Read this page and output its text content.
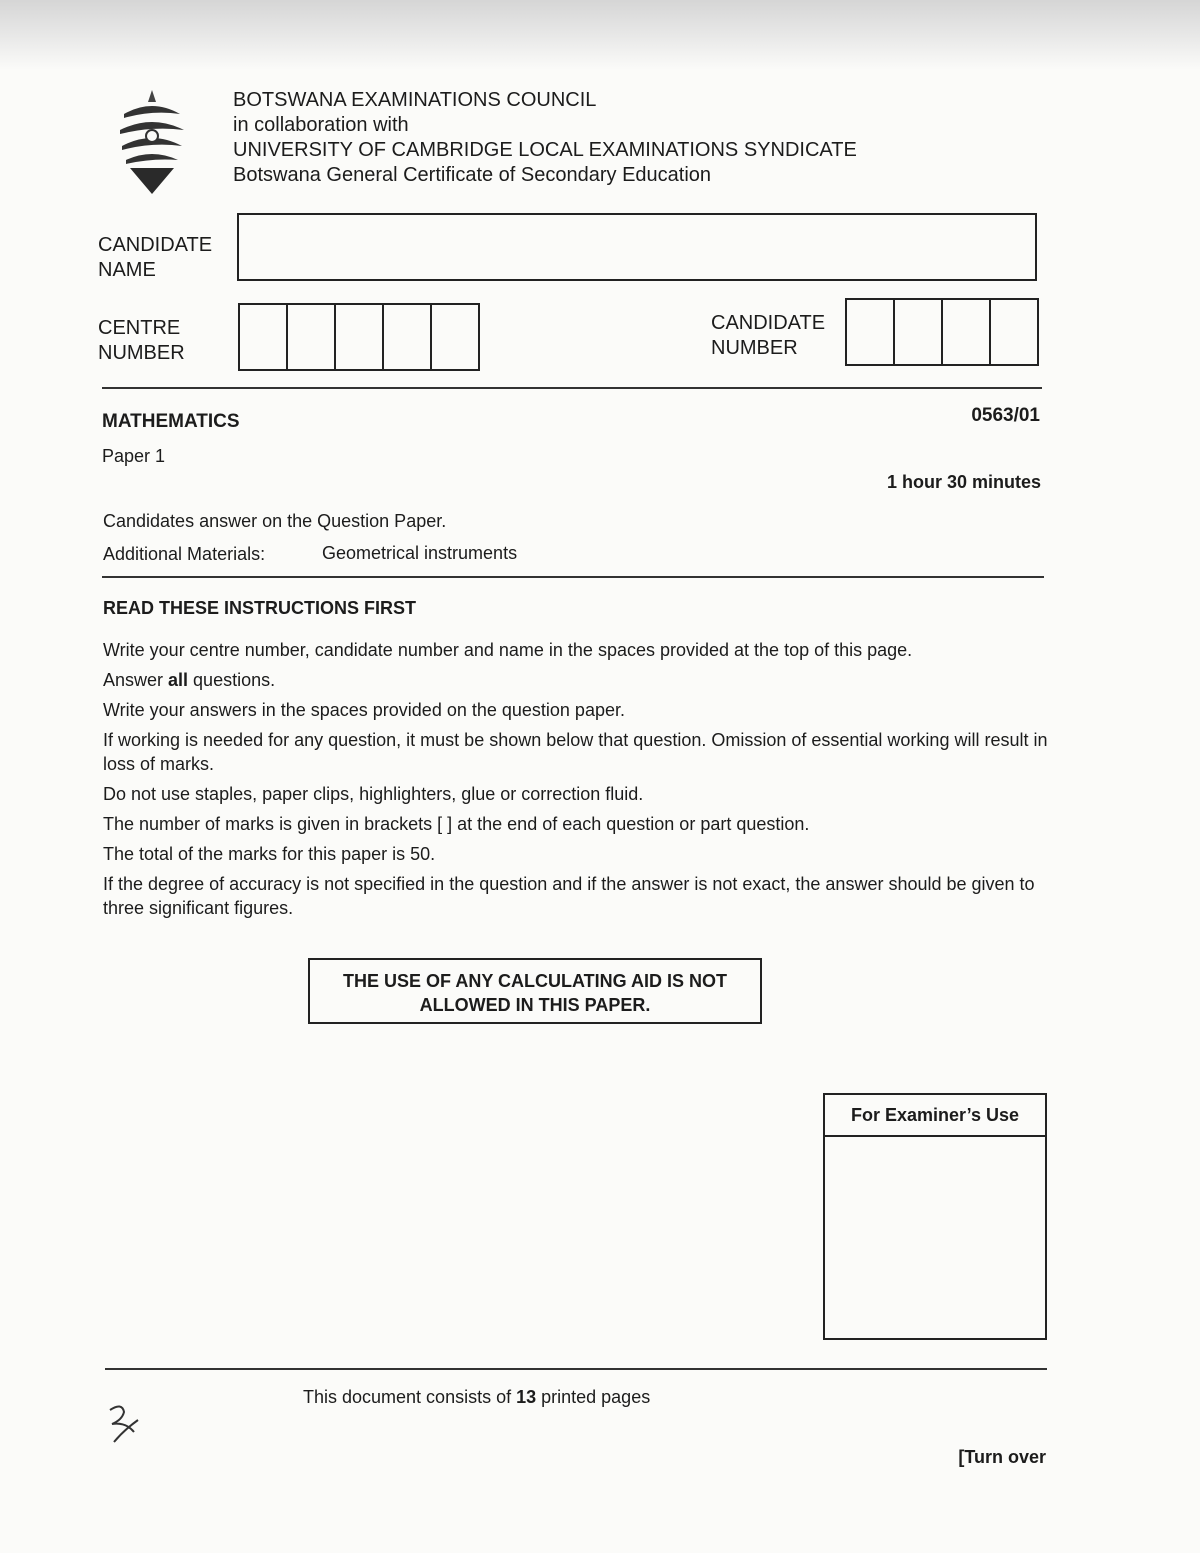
BOTSWANA EXAMINATIONS COUNCIL
in collaboration with
UNIVERSITY OF CAMBRIDGE LOCAL EXAMINATIONS SYNDICATE
Botswana General Certificate of Secondary Education
CANDIDATE
NAME
CENTRE
NUMBER
CANDIDATE
NUMBER
MATHEMATICS
Paper 1
0563/01
1 hour 30 minutes
Candidates answer on the Question Paper.
Additional Materials:	Geometrical instruments
READ THESE INSTRUCTIONS FIRST

Write your centre number, candidate number and name in the spaces provided at the top of this page.

Answer all questions.

Write your answers in the spaces provided on the question paper.

If working is needed for any question, it must be shown below that question. Omission of essential working will result in loss of marks.

Do not use staples, paper clips, highlighters, glue or correction fluid.

The number of marks is given in brackets [ ] at the end of each question or part question.

The total of the marks for this paper is 50.

If the degree of accuracy is not specified in the question and if the answer is not exact, the answer should be given to three significant figures.

THE USE OF ANY CALCULATING AID IS NOT
ALLOWED IN THIS PAPER.
For Examiner’s Use
This document consists of 13 printed pages
[Turn over
